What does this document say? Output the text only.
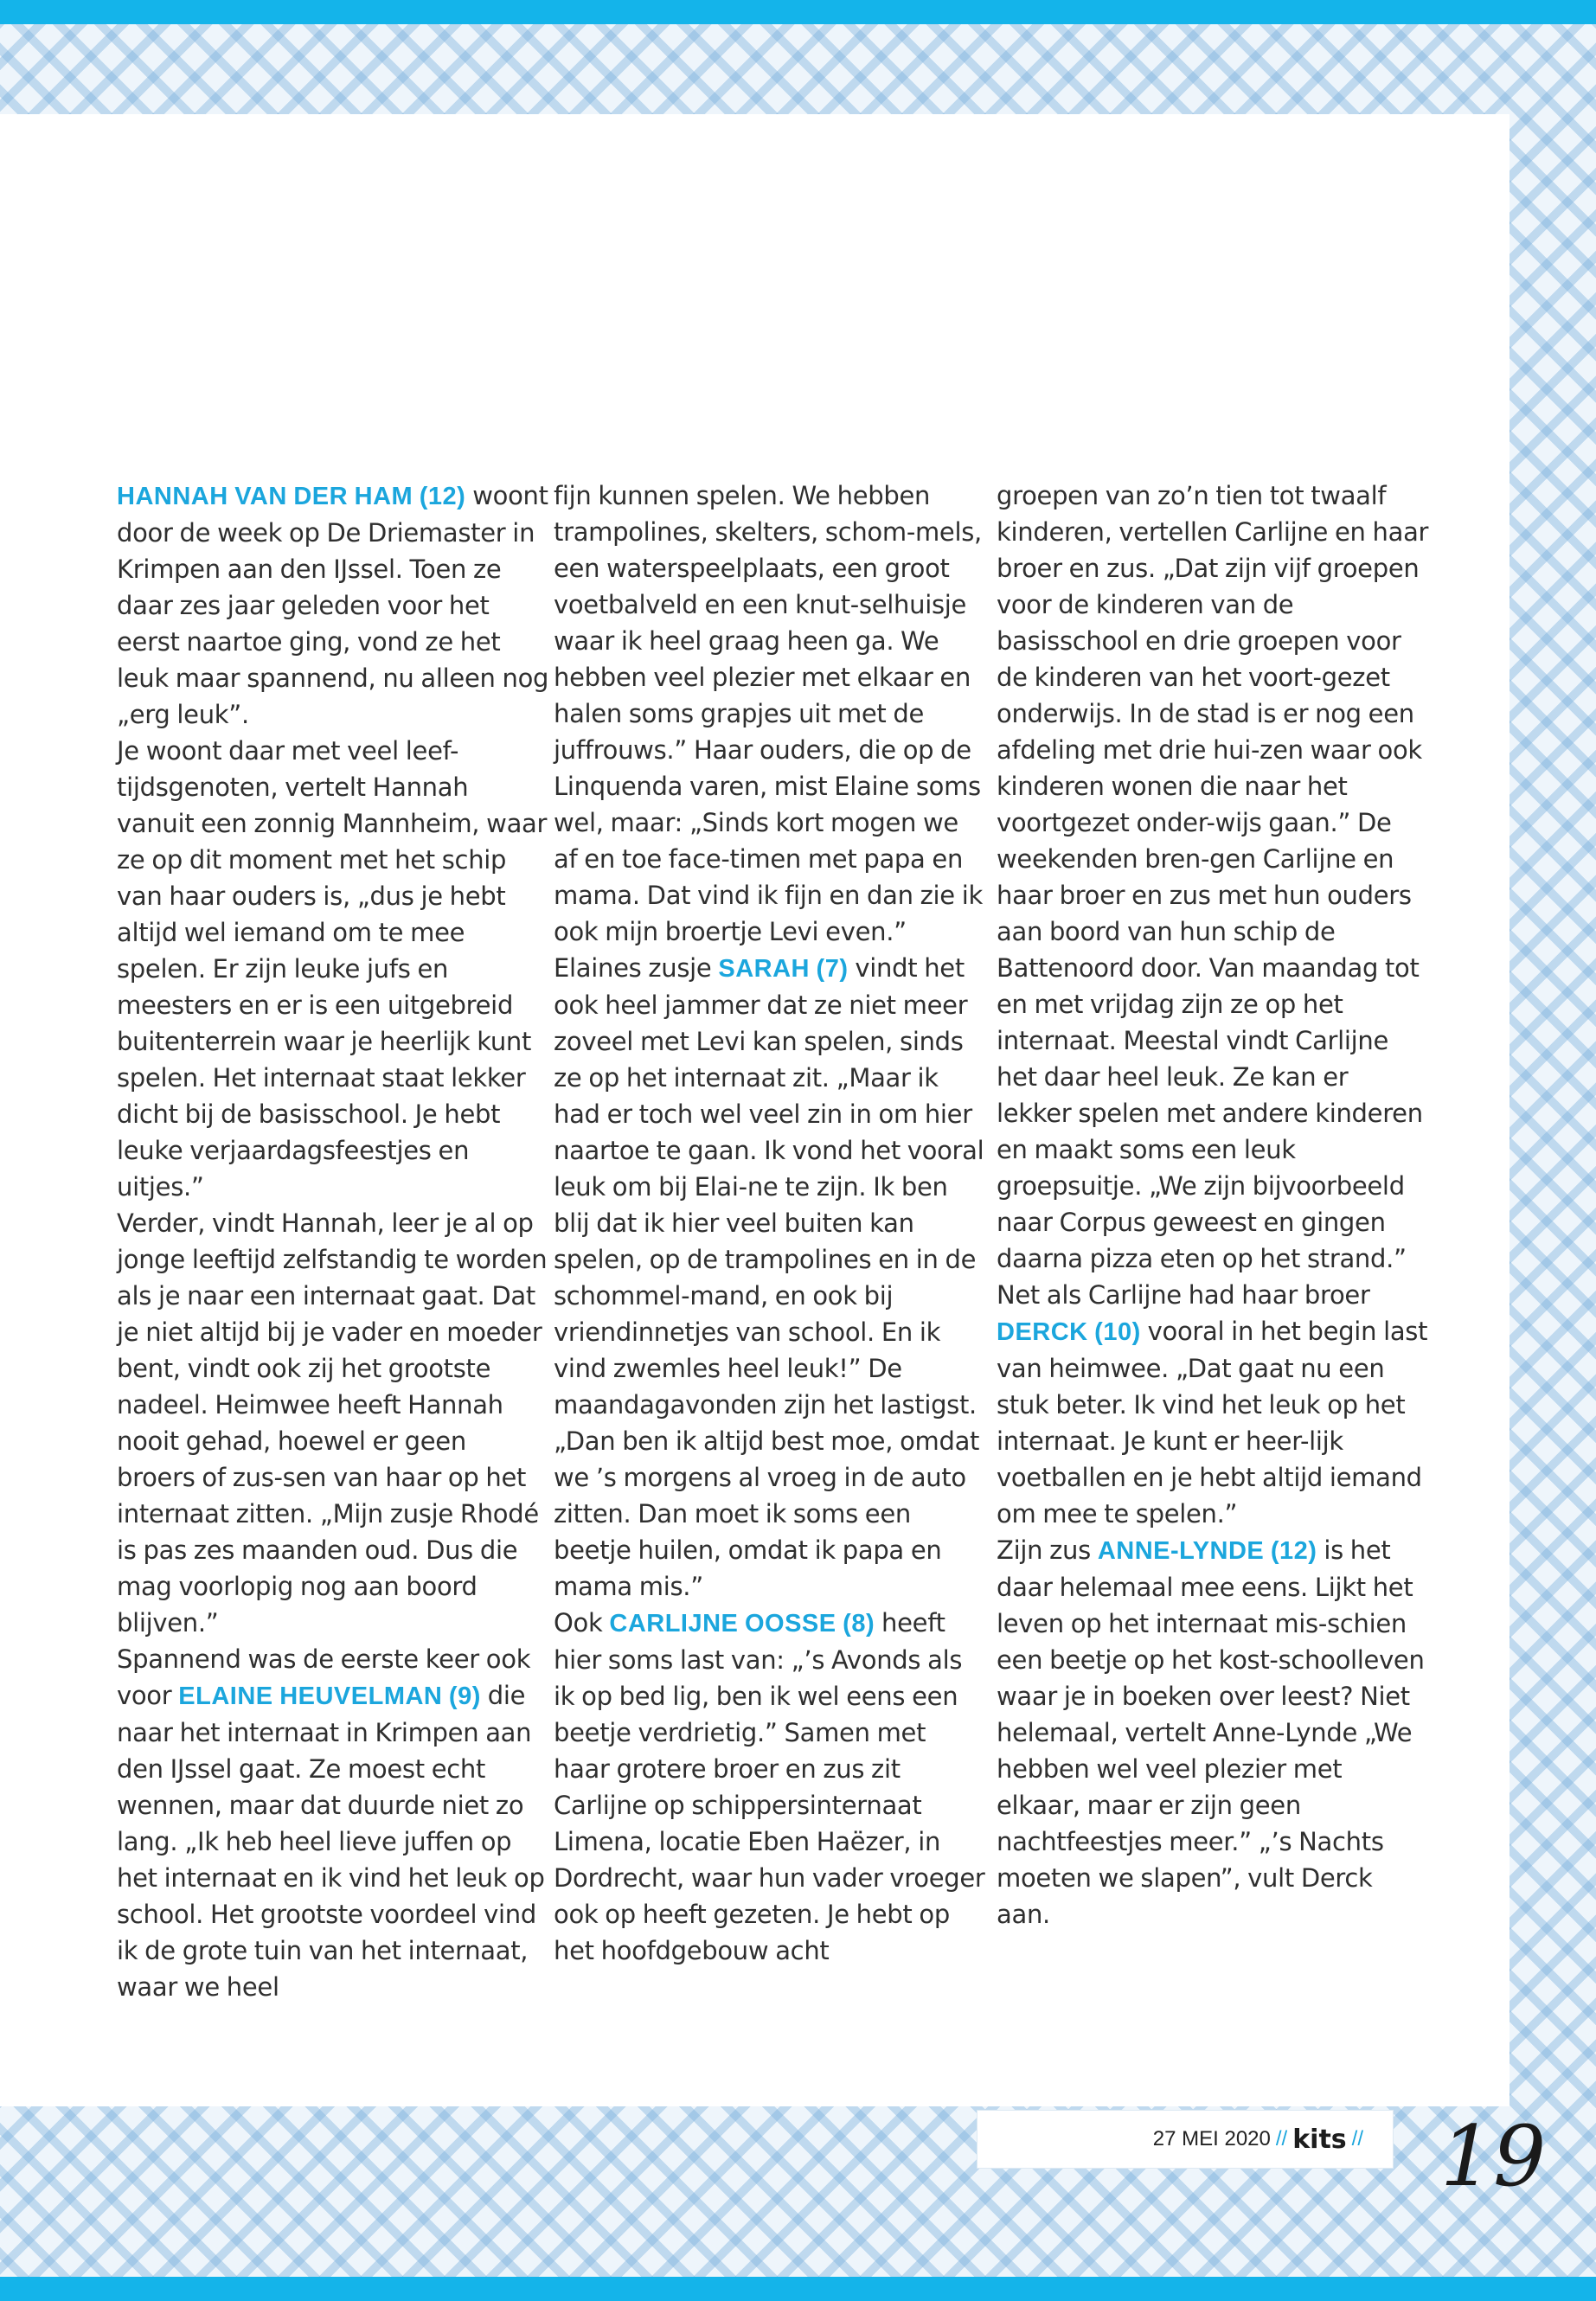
HANNAH VAN DER HAM (12) woont door de week op De Driemaster in Krimpen aan den IJssel. Toen ze daar zes jaar geleden voor het eerst naartoe ging, vond ze het leuk maar spannend, nu alleen nog „erg leuk”.

Je woont daar met veel leef-tijdsgenoten, vertelt Hannah vanuit een zonnig Mannheim, waar ze op dit moment met het schip van haar ouders is, „dus je hebt altijd wel iemand om te mee spelen. Er zijn leuke jufs en meesters en er is een uitgebreid buitenterrein waar je heerlijk kunt spelen. Het internaat staat lekker dicht bij de basisschool. Je hebt leuke verjaardagsfeestjes en uitjes.”

Verder, vindt Hannah, leer je al op jonge leeftijd zelfstandig te worden als je naar een internaat gaat. Dat je niet altijd bij je vader en moeder bent, vindt ook zij het grootste nadeel. Heimwee heeft Hannah nooit gehad, hoewel er geen broers of zus-sen van haar op het internaat zitten. „Mijn zusje Rhodé is pas zes maanden oud. Dus die mag voorlopig nog aan boord blijven.”

Spannend was de eerste keer ook voor ELAINE HEUVELMAN (9) die naar het internaat in Krimpen aan den IJssel gaat. Ze moest echt wennen, maar dat duurde niet zo lang. „Ik heb heel lieve juffen op het internaat en ik vind het leuk op school. Het grootste voordeel vind ik de grote tuin van het internaat, waar we heel

fijn kunnen spelen. We hebben trampolines, skelters, schom-mels, een waterspeelplaats, een groot voetbalveld en een knut-selhuisje waar ik heel graag heen ga. We hebben veel plezier met elkaar en halen soms grapjes uit met de juffrouws.” Haar ouders, die op de Linquenda varen, mist Elaine soms wel, maar: „Sinds kort mogen we af en toe face-timen met papa en mama. Dat vind ik fijn en dan zie ik ook mijn broertje Levi even.”

Elaines zusje SARAH (7) vindt het ook heel jammer dat ze niet meer zoveel met Levi kan spelen, sinds ze op het internaat zit. „Maar ik had er toch wel veel zin in om hier naartoe te gaan. Ik vond het vooral leuk om bij Elai-ne te zijn. Ik ben blij dat ik hier veel buiten kan spelen, op de trampolines en in de schommel-mand, en ook bij vriendinnetjes van school. En ik vind zwemles heel leuk!” De maandagavonden zijn het lastigst. „Dan ben ik altijd best moe, omdat we ’s morgens al vroeg in de auto zitten. Dan moet ik soms een beetje huilen, omdat ik papa en mama mis.”

Ook CARLIJNE OOSSE (8) heeft hier soms last van: „’s Avonds als ik op bed lig, ben ik wel eens een beetje verdrietig.” Samen met haar grotere broer en zus zit Carlijne op schippersinternaat Limena, locatie Eben Haëzer, in Dordrecht, waar hun vader vroeger ook op heeft gezeten. Je hebt op het hoofdgebouw acht

groepen van zo’n tien tot twaalf kinderen, vertellen Carlijne en haar broer en zus. „Dat zijn vijf groepen voor de kinderen van de basisschool en drie groepen voor de kinderen van het voort-gezet onderwijs. In de stad is er nog een afdeling met drie hui-zen waar ook kinderen wonen die naar het voortgezet onder-wijs gaan.” De weekenden bren-gen Carlijne en haar broer en zus met hun ouders aan boord van hun schip de Battenoord door. Van maandag tot en met vrijdag zijn ze op het internaat. Meestal vindt Carlijne het daar heel leuk. Ze kan er lekker spelen met andere kinderen en maakt soms een leuk groepsuitje. „We zijn bijvoorbeeld naar Corpus geweest en gingen daarna pizza eten op het strand.”

Net als Carlijne had haar broer DERCK (10) vooral in het begin last van heimwee. „Dat gaat nu een stuk beter. Ik vind het leuk op het internaat. Je kunt er heer-lijk voetballen en je hebt altijd iemand om mee te spelen.”

Zijn zus ANNE-LYNDE (12) is het daar helemaal mee eens. Lijkt het leven op het internaat mis-schien een beetje op het kost-schoolleven waar je in boeken over leest? Niet helemaal, vertelt Anne-Lynde „We hebben wel veel plezier met elkaar, maar er zijn geen nachtfeestjes meer.” „’s Nachts moeten we slapen”, vult Derck aan.

27 MEI 2020 // kits // 19
